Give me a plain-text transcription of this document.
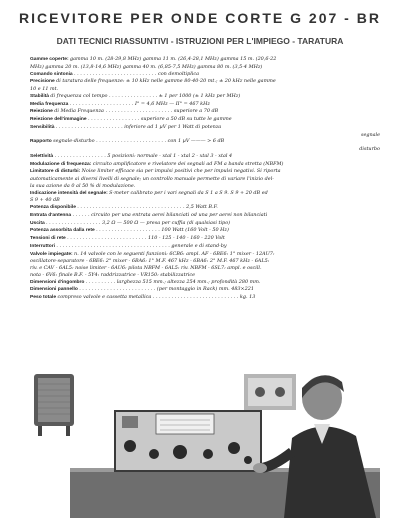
RICEVITORE PER ONDE CORTE G 207 - BR
DATI TECNICI RIASSUNTIVI - ISTRUZIONI PER L'IMPIEGO - TARATURA
Gamme coperte: gamma 10 m. (28-29,8 MHz) gamma 11 m. (26,4-28,1 MHz) gamma 15 m. (20,6-22
MHz) gamma 20 m. (13,8-14,6 MHz) gamma 40 m. (6,85-7,5 MHz) gamma 80 m. (3,5-4 MHz)
Comando sintonia . . . . . . . . . . . . . . . . . . . . . . . . . . . con demoltiplica
Precisione di taratura delle frequenze: ± 10 kHz nelle gamme 80-40-20 mt.; ± 20 kHz nelle gamme
10 e 11 mt.
Stabilità di frequenza col tempo . . . . . . . . . . . . . . . . ± 1 per 1000 (± 1 kHz per MHz)
Media frequenza . . . . . . . . . . . . . . . . . . . . . I° = 4,6 MHz — II° = 467 kHz
Reiezione di Media Frequenza . . . . . . . . . . . . . . . . . . . . . . superiore a 70 dB
Reiezione dell'immagine . . . . . . . . . . . . . . . . . superiore a 50 dB su tutte le gamme
Sensibilità . . . . . . . . . . . . . . . . . . . . . . inferiore ad 1 µV per 1 Watt di potenza
segnale
Rapporto segnale-disturbo . . . . . . . . . . . . . . . . . . . . . . . con 1 µV ——— > 6 dB
disturbo
Selettività . . . . . . . . . . . . . . . . . 5 posizioni: normale - xtal 1 - xtal 2 - xtal 3 - xtal 4
Modulazione di frequenza: circuito amplificatore e rivelatore dei segnali ad FM a banda stretta (NBFM)
Limitatore di disturbi: Noise limiter efficace sia per impulsi positivi che per impulsi negativi. Si riporta
automaticamente ai diversi livelli di segnale; un controllo manuale permette di variare l'inizio del-
la sua azione da 0 al 50 % di modulazione.
Indicazione intensità del segnale: S-meter calibrato per i vari segnali da S 1 a S 9. S 9 + 20 dB ed
S 9 + 40 dB
Potenza disponibile . . . . . . . . . . . . . . . . . . . . . . . . . . . . . . . . . . . 2,5 Watt B.F.
Entrata d'antenna . . . . . . circuito per una entrata aerei bilanciati od una per aerei non bilanciati
Uscita . . . . . . . . . . . . . . . . . . 3,2 Ω — 500 Ω — presa per cuffia (di qualsiasi tipo)
Potenza assorbita dalla rete . . . . . . . . . . . . . . . . . . . . . 100 Watt (160 Volt - 50 Hz)
Tensioni di rete . . . . . . . . . . . . . . . . . . . . . . . . . . 110 - 125 - 140 - 160 - 220 Volt
Interruttori . . . . . . . . . . . . . . . . . . . . . . . . . . . . . . . . . . . . . generale e di stand-by
Valvole impiegate: n. 14 valvole con le seguenti funzioni: 6CB6: ampl. AF - 6BE6: 1° mixer - 12AU7:
oscillatore-separatore - 6BE6: 2° mixer - 6BA6: 1° M.F. 467 kHz - 6BA6: 2° M.F. 467 kHz - 6AL5:
riv. e CAV - 6AL5: noise limiter - 6AU6: pilota NBFM - 6AL5: riv. NBFM - 6SL7: ampl. e oscill.
nota - 6V6: finale B.F. - 5Y4: raddrizzatrice - VR150: stabilizzatrice
Dimensioni d'ingombro . . . . . . . . . . larghezza 515 mm.; altezza 254 mm.; profondità 280 mm.
Dimensioni pannello . . . . . . . . . . . . . . . . . . . . . . . . . (per montaggio in Rack) mm. 483×221
Peso totale compreso valvole e cassetta metallica . . . . . . . . . . . . . . . . . . . . . . . . . . . . kg. 13
